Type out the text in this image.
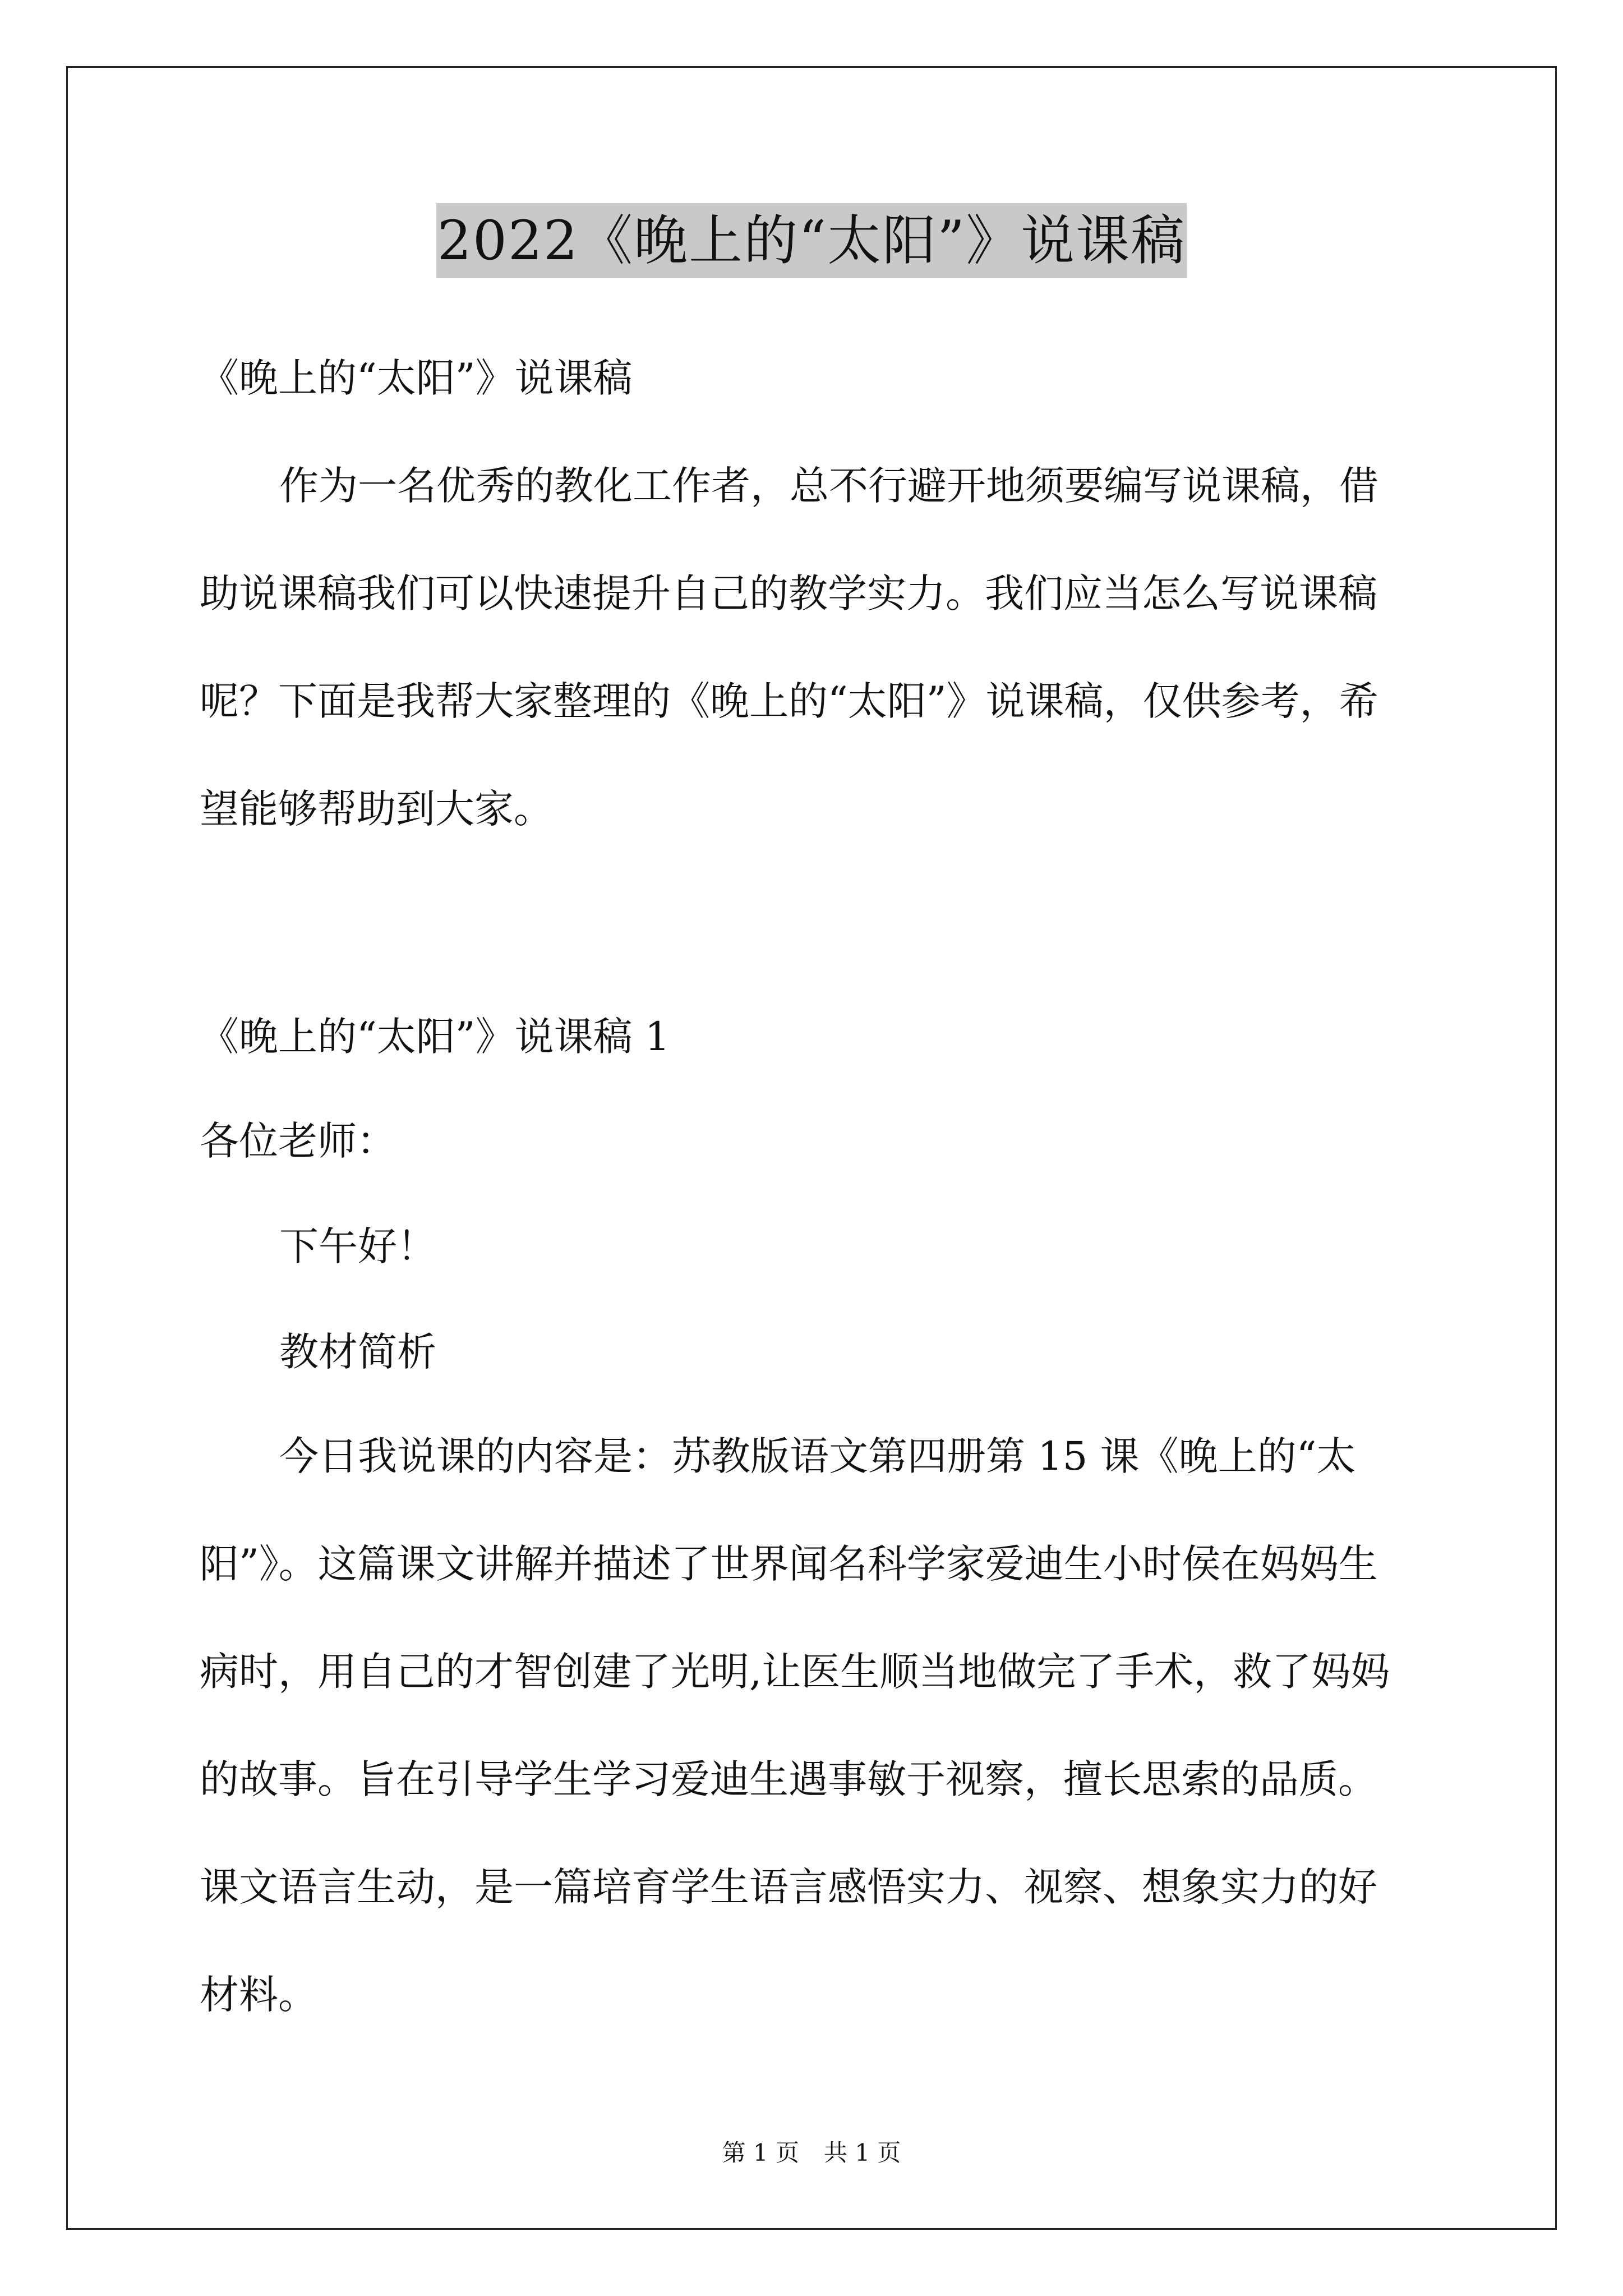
2022《晚上的“太阳”》说课稿
《晚上的“太阳”》说课稿
作为一名优秀的教化工作者，总不行避开地须要编写说课稿，借
助说课稿我们可以快速提升自己的教学实力。我们应当怎么写说课稿
呢？下面是我帮大家整理的《晚上的“太阳”》说课稿，仅供参考，希
望能够帮助到大家。
《晚上的“太阳”》说课稿 1
各位老师：
下午好！
教材简析
今日我说课的内容是：苏教版语文第四册第 15 课《晚上的“太
阳”》。这篇课文讲解并描述了世界闻名科学家爱迪生小时侯在妈妈生
病时，用自己的才智创建了光明,让医生顺当地做完了手术，救了妈妈
的故事。旨在引导学生学习爱迪生遇事敏于视察，擅长思索的品质。
课文语言生动，是一篇培育学生语言感悟实力、视察、想象实力的好
材料。
第 1 页 共 1 页
